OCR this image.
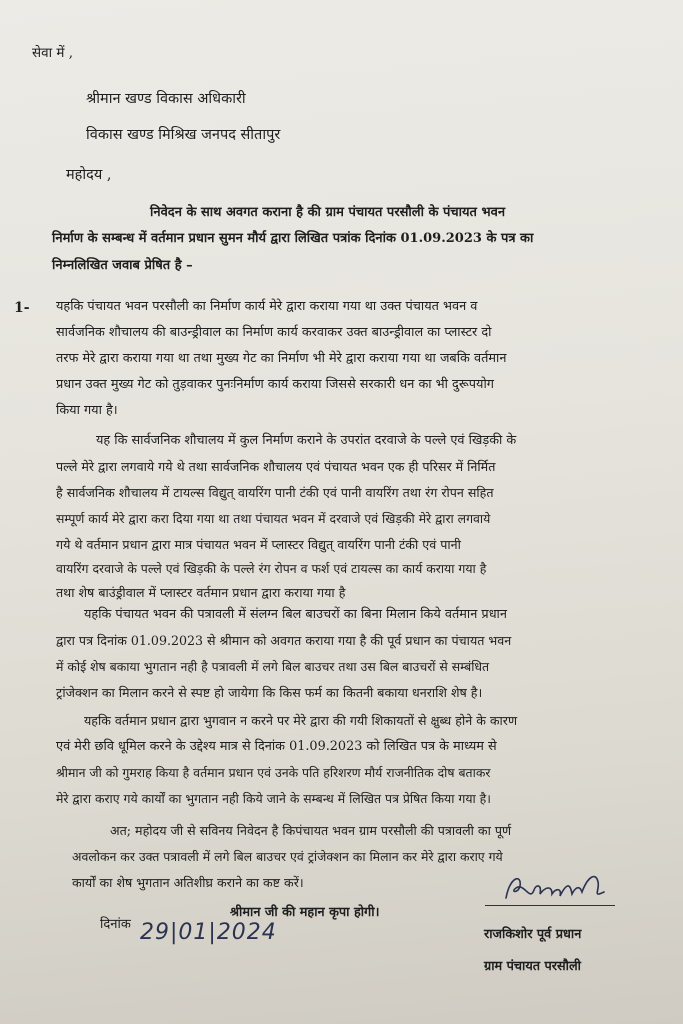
सेवा में ,
श्रीमान खण्ड विकास अधिकारी
विकास खण्ड मिश्रिख जनपद सीतापुर
महोदय ,
निवेदन के साथ अवगत कराना है की ग्राम पंचायत परसौली के पंचायत भवन
निर्माण के सम्बन्ध में वर्तमान प्रधान सुमन मौर्य द्वारा लिखित पत्रांक दिनांक 01.09.2023 के पत्र का
निम्नलिखित जवाब प्रेषित है –
1- यहकि पंचायत भवन परसौली का निर्माण कार्य मेरे द्वारा कराया गया था उक्त पंचायत भवन व
सार्वजनिक शौचालय की बाउन्ड्रीवाल का निर्माण कार्य करवाकर उक्त बाउन्ड्रीवाल का प्लास्टर दो
तरफ मेरे द्वारा कराया गया था तथा मुख्य गेट का निर्माण भी मेरे द्वारा कराया गया था जबकि वर्तमान
प्रधान उक्त मुख्य गेट को तुड़वाकर पुनःनिर्माण कार्य कराया जिससे सरकारी धन का भी दुरूपयोग
किया गया है।
यह कि सार्वजनिक शौचालय में कुल निर्माण कराने के उपरांत दरवाजे के पल्ले एवं खिड़की के
पल्ले मेरे द्वारा लगवाये गये थे तथा सार्वजनिक शौचालय एवं पंचायत भवन एक ही परिसर में निर्मित
है सार्वजनिक शौचालय में टायल्स विद्युत् वायरिंग पानी टंकी एवं पानी वायरिंग तथा रंग रोपन सहित
सम्पूर्ण कार्य मेरे द्वारा करा दिया गया था तथा पंचायत भवन में दरवाजे एवं खिड़की मेरे द्वारा लगवाये
गये थे वर्तमान प्रधान द्वारा मात्र पंचायत भवन में प्लास्टर विद्युत् वायरिंग पानी टंकी एवं पानी
वायरिंग दरवाजे के पल्ले एवं खिड़की के पल्ले रंग रोपन व फर्श एवं टायल्स का कार्य कराया गया है
तथा शेष बाउंड्रीवाल में प्लास्टर वर्तमान प्रधान द्वारा कराया गया है
यहकि पंचायत भवन की पत्रावली में संलग्न बिल बाउचरों का बिना मिलान किये वर्तमान प्रधान
द्वारा पत्र दिनांक 01.09.2023 से श्रीमान को अवगत कराया गया है की पूर्व प्रधान का पंचायत भवन
में कोई शेष बकाया भुगतान नही है पत्रावली में लगे बिल बाउचर तथा उस बिल बाउचरों से सम्बंधित
ट्रांजेक्शन का मिलान करने से स्पष्ट हो जायेगा कि किस फर्म का कितनी बकाया धनराशि शेष है।
यहकि वर्तमान प्रधान द्वारा भुगवान न करने पर मेरे द्वारा की गयी शिकायतों से क्षुब्ध होने के कारण
एवं मेरी छवि धूमिल करने के उद्देश्य मात्र से दिनांक 01.09.2023 को लिखित पत्र के माध्यम से
श्रीमान जी को गुमराह किया है वर्तमान प्रधान एवं उनके पति हरिशरण मौर्य राजनीतिक दोष बताकर
मेरे द्वारा कराए गये कार्यों का भुगतान नही किये जाने के सम्बन्ध में लिखित पत्र प्रेषित किया गया है।
अत; महोदय जी से सविनय निवेदन है किपंचायत भवन ग्राम परसौली की पत्रावली का पूर्ण
अवलोकन कर उक्त पत्रावली में लगे बिल बाउचर एवं ट्रांजेक्शन का मिलान कर मेरे द्वारा कराए गये
कार्यों का शेष भुगतान अतिशीघ्र कराने का कष्ट करें।
श्रीमान जी की महान कृपा होगी।
दिनांक 29|01|2024	राजकिशोर पूर्व प्रधान
ग्राम पंचायत परसौली
